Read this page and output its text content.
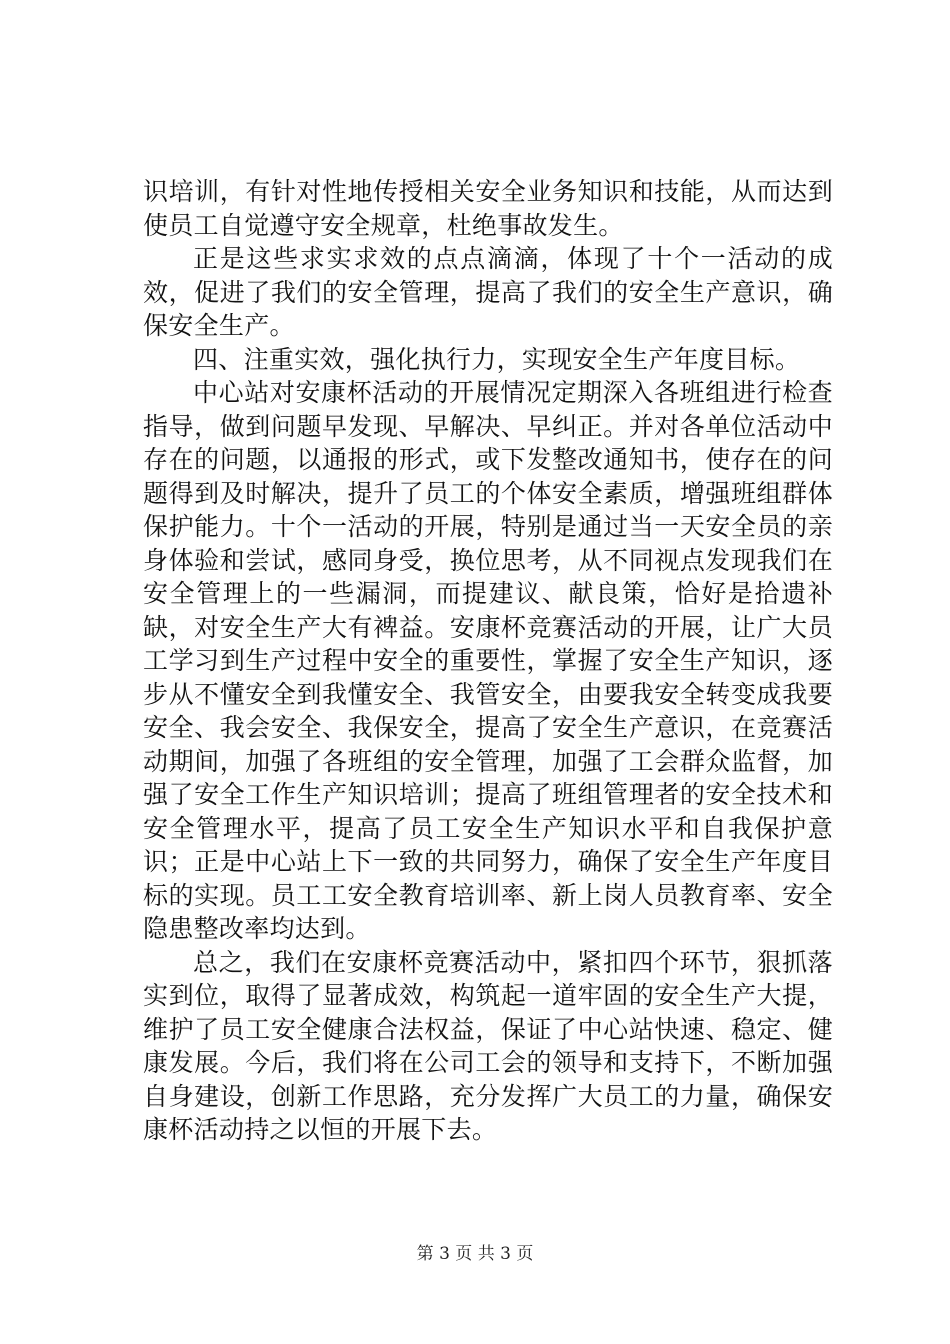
识培训，有针对性地传授相关安全业务知识和技能，从而达到使员工自觉遵守安全规章，杜绝事故发生。

正是这些求实求效的点点滴滴，体现了十个一活动的成效，促进了我们的安全管理，提高了我们的安全生产意识，确保安全生产。

四、注重实效，强化执行力，实现安全生产年度目标。

中心站对安康杯活动的开展情况定期深入各班组进行检查指导，做到问题早发现、早解决、早纠正。并对各单位活动中存在的问题，以通报的形式，或下发整改通知书，使存在的问题得到及时解决，提升了员工的个体安全素质，增强班组群体保护能力。十个一活动的开展，特别是通过当一天安全员的亲身体验和尝试，感同身受，换位思考，从不同视点发现我们在安全管理上的一些漏洞，而提建议、献良策，恰好是拾遗补缺，对安全生产大有裨益。安康杯竞赛活动的开展，让广大员工学习到生产过程中安全的重要性，掌握了安全生产知识，逐步从不懂安全到我懂安全、我管安全，由要我安全转变成我要安全、我会安全、我保安全，提高了安全生产意识，在竞赛活动期间，加强了各班组的安全管理，加强了工会群众监督，加强了安全工作生产知识培训；提高了班组管理者的安全技术和安全管理水平，提高了员工安全生产知识水平和自我保护意识；正是中心站上下一致的共同努力，确保了安全生产年度目标的实现。员工工安全教育培训率、新上岗人员教育率、安全隐患整改率均达到。

总之，我们在安康杯竞赛活动中，紧扣四个环节，狠抓落实到位，取得了显著成效，构筑起一道牢固的安全生产大提，维护了员工安全健康合法权益，保证了中心站快速、稳定、健康发展。今后，我们将在公司工会的领导和支持下，不断加强自身建设，创新工作思路，充分发挥广大员工的力量，确保安康杯活动持之以恒的开展下去。

第 3 页 共 3 页
